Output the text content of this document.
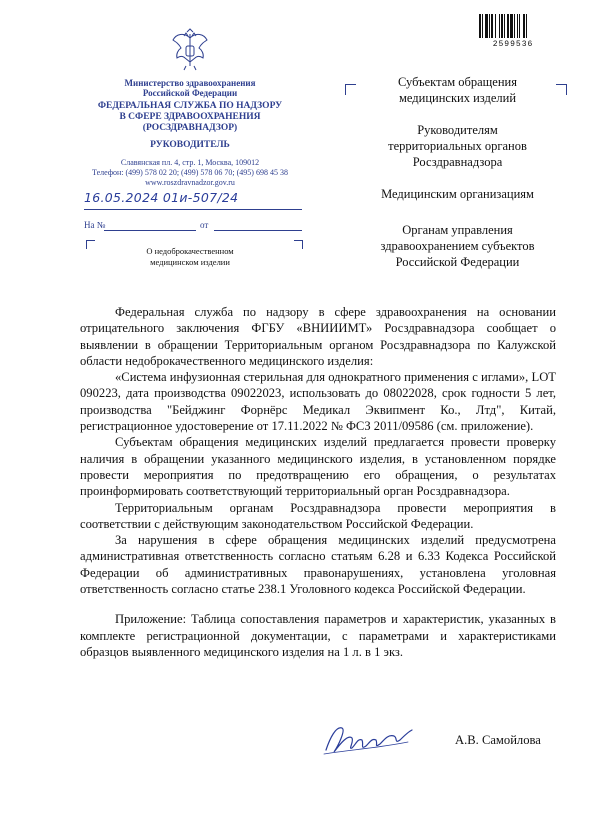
2599536
Министерство здравоохранения
Российской Федерации
ФЕДЕРАЛЬНАЯ СЛУЖБА ПО НАДЗОРУ
В СФЕРЕ ЗДРАВООХРАНЕНИЯ
(РОСЗДРАВНАДЗОР)
РУКОВОДИТЕЛЬ
Славянская пл. 4, стр. 1, Москва, 109012
Телефон: (499) 578 02 20; (499) 578 06 70; (495) 698 45 38
www.roszdravnadzor.gov.ru
16.05.2024 01и-507/24
На №	от
О недоброкачественном
медицинском изделии
Субъектам обращения
медицинских изделий
Руководителям
территориальных органов
Росздравнадзора
Медицинским организациям
Органам управления
здравоохранением субъектов
Российской Федерации

Федеральная служба по надзору в сфере здравоохранения на основании отрицательного заключения ФГБУ «ВНИИИМТ» Росздравнадзора сообщает о выявлении в обращении Территориальным органом Росздравнадзора по Калужской области недоброкачественного медицинского изделия:

«Система инфузионная стерильная для однократного применения с иглами», LOT 090223, дата производства 09022023, использовать до 08022028, срок годности 5 лет, производства "Бейджинг Форнёрс Медикал Эквипмент Ко., Лтд", Китай, регистрационное удостоверение от 17.11.2022 № ФСЗ 2011/09586 (см. приложение).

Субъектам обращения медицинских изделий предлагается провести проверку наличия в обращении указанного медицинского изделия, в установленном порядке провести мероприятия по предотвращению его обращения, о результатах проинформировать соответствующий территориальный орган Росздравнадзора.

Территориальным органам Росздравнадзора провести мероприятия в соответствии с действующим законодательством Российской Федерации.

За нарушения в сфере обращения медицинских изделий предусмотрена административная ответственность согласно статьям 6.28 и 6.33 Кодекса Российской Федерации об административных правонарушениях, установлена уголовная ответственность согласно статье 238.1 Уголовного кодекса Российской Федерации.

Приложение: Таблица сопоставления параметров и характеристик, указанных в комплекте регистрационной документации, с параметрами и характеристиками образцов выявленного медицинского изделия на 1 л. в 1 экз.

А.В. Самойлова
